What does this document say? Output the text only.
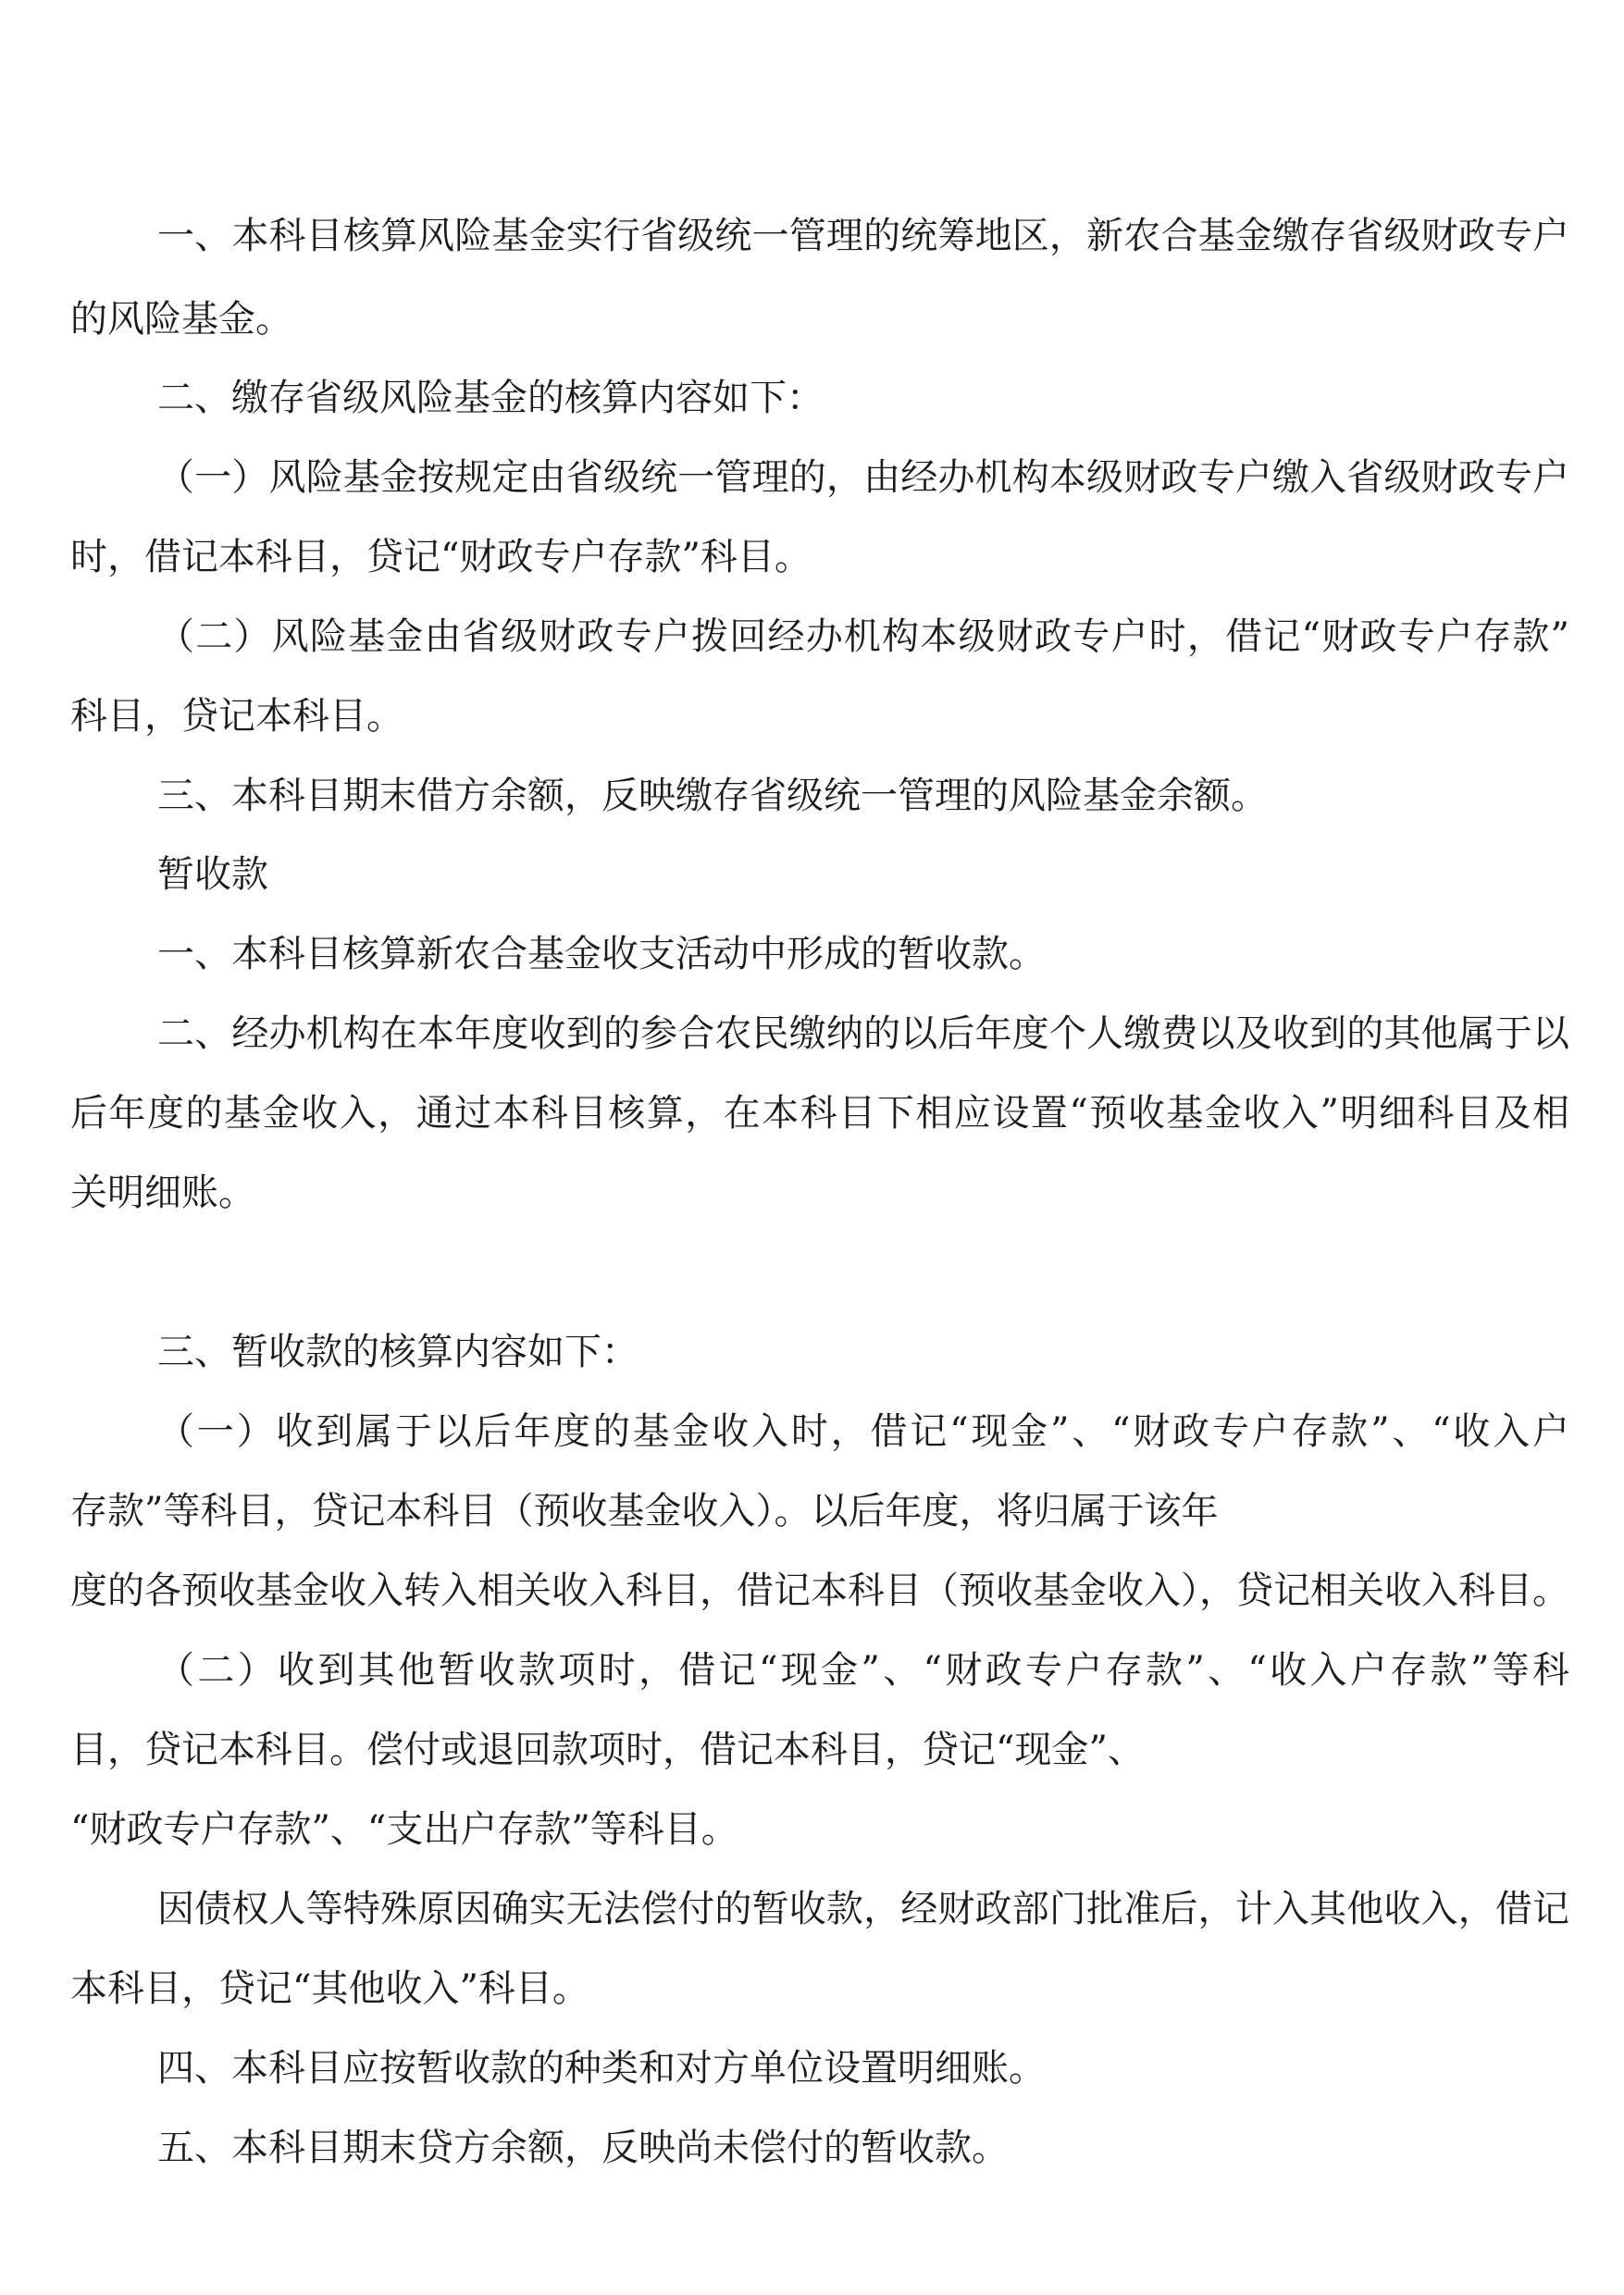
一、本科目核算风险基金实行省级统一管理的统筹地区，新农合基金缴存省级财政专户
的风险基金。
二、缴存省级风险基金的核算内容如下：
（一）风险基金按规定由省级统一管理的，由经办机构本级财政专户缴入省级财政专户
时，借记本科目，贷记“财政专户存款”科目。
（二）风险基金由省级财政专户拨回经办机构本级财政专户时，借记“财政专户存款”
科目，贷记本科目。
三、本科目期末借方余额，反映缴存省级统一管理的风险基金余额。
暂收款
一、本科目核算新农合基金收支活动中形成的暂收款。
二、经办机构在本年度收到的参合农民缴纳的以后年度个人缴费以及收到的其他属于以
后年度的基金收入，通过本科目核算，在本科目下相应设置“预收基金收入”明细科目及相
关明细账。
三、暂收款的核算内容如下：
（一）收到属于以后年度的基金收入时，借记“现金”、“财政专户存款”、“收入户
存款”等科目，贷记本科目（预收基金收入）。以后年度，将归属于该年
度的各预收基金收入转入相关收入科目，借记本科目（预收基金收入），贷记相关收入科目。
（二）收到其他暂收款项时，借记“现金”、“财政专户存款”、“收入户存款”等科
目，贷记本科目。偿付或退回款项时，借记本科目，贷记“现金”、
“财政专户存款”、“支出户存款”等科目。
因债权人等特殊原因确实无法偿付的暂收款，经财政部门批准后，计入其他收入，借记
本科目，贷记“其他收入”科目。
四、本科目应按暂收款的种类和对方单位设置明细账。
五、本科目期末贷方余额，反映尚未偿付的暂收款。
